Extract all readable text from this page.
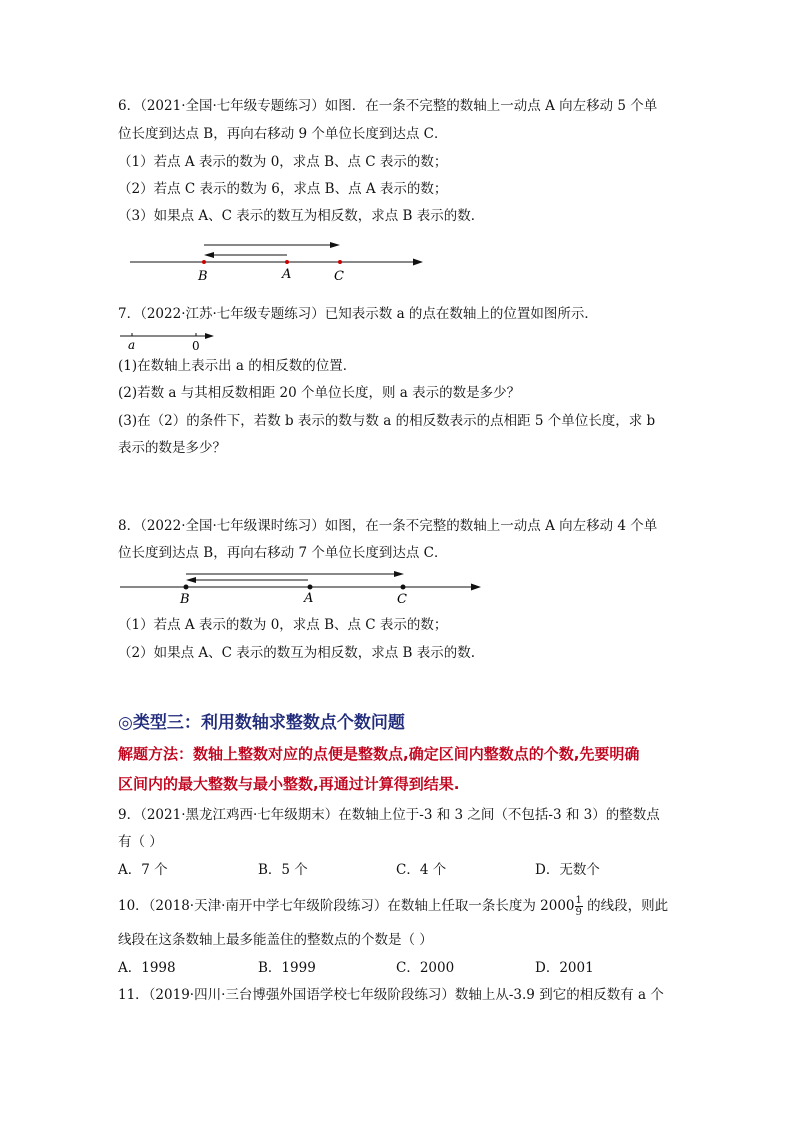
6．（2021·全国·七年级专题练习）如图．在一条不完整的数轴上一动点 A 向左移动 5 个单
位长度到达点 B，再向右移动 9 个单位长度到达点 C．
（1）若点 A 表示的数为 0，求点 B、点 C 表示的数；
（2）若点 C 表示的数为 6，求点 B、点 A 表示的数；
（3）如果点 A、C 表示的数互为相反数，求点 B 表示的数．
B	A	C
7．（2022·江苏·七年级专题练习）已知表示数 a 的点在数轴上的位置如图所示．
a	0
(1)在数轴上表示出 a 的相反数的位置．
(2)若数 a 与其相反数相距 20 个单位长度，则 a 表示的数是多少？
(3)在（2）的条件下，若数 b 表示的数与数 a 的相反数表示的点相距 5 个单位长度，求 b
表示的数是多少？
8．（2022·全国·七年级课时练习）如图，在一条不完整的数轴上一动点 A 向左移动 4 个单
位长度到达点 B，再向右移动 7 个单位长度到达点 C．
B	A	C
（1）若点 A 表示的数为 0，求点 B、点 C 表示的数；
（2）如果点 A、C 表示的数互为相反数，求点 B 表示的数.
◎类型三：利用数轴求整数点个数问题
解题方法：数轴上整数对应的点便是整数点,确定区间内整数点的个数,先要明确
区间内的最大整数与最小整数,再通过计算得到结果.
9．（2021·黑龙江鸡西·七年级期末）在数轴上位于-3 和 3 之间（不包括-3 和 3）的整数点
有（ ）
A．7 个	B．5 个	C．4 个	D．无数个
10．（2018·天津·南开中学七年级阶段练习）在数轴上任取一条长度为 $2000 \frac{1}{9}$ 的线段，则此
线段在这条数轴上最多能盖住的整数点的个数是（ ）
A．1998	B．1999	C．2000	D．2001
11．（2019·四川·三台博强外国语学校七年级阶段练习）数轴上从-3.9 到它的相反数有 a 个
